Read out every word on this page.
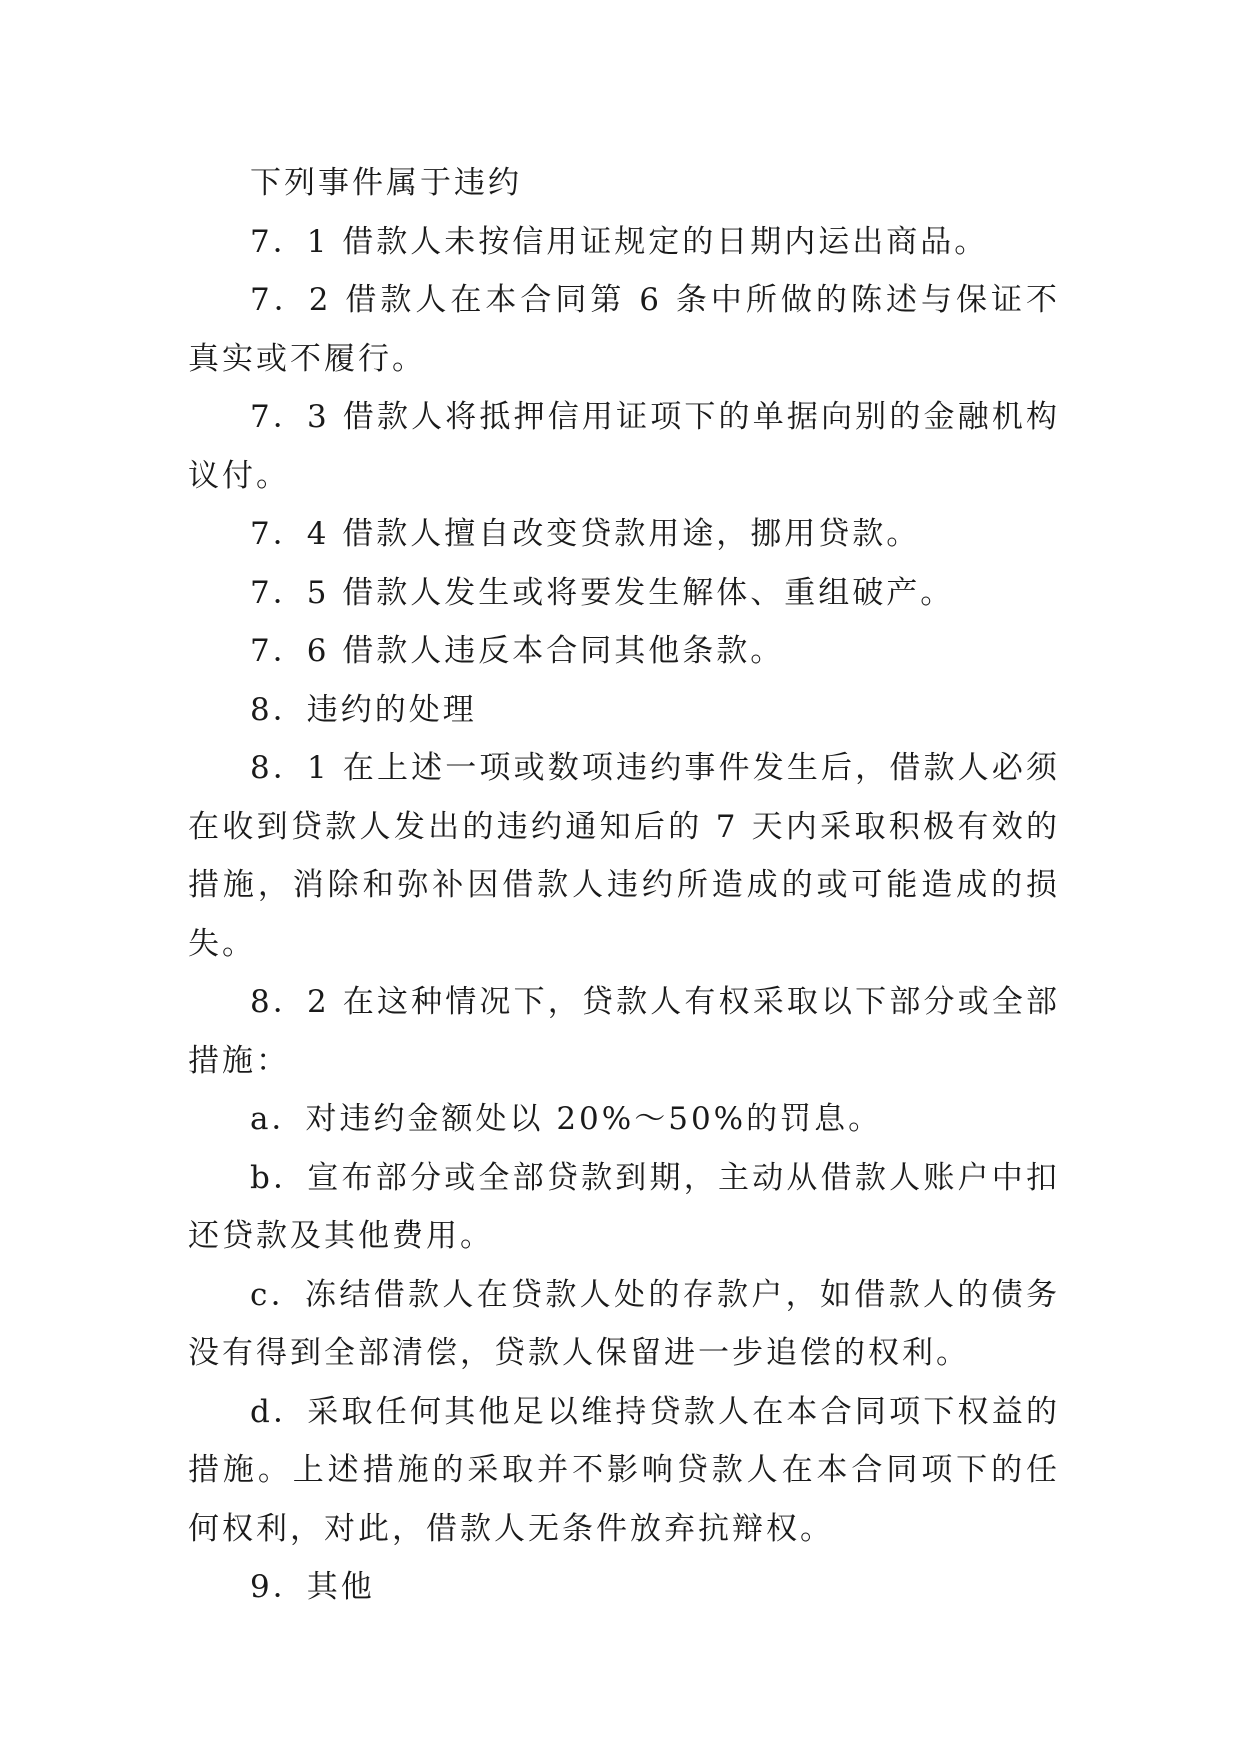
下列事件属于违约

7．1 借款人未按信用证规定的日期内运出商品。

7．2 借款人在本合同第 6 条中所做的陈述与保证不真实或不履行。

7．3 借款人将抵押信用证项下的单据向别的金融机构议付。

7．4 借款人擅自改变贷款用途，挪用贷款。

7．5 借款人发生或将要发生解体、重组破产。

7．6 借款人违反本合同其他条款。

8．违约的处理

8．1 在上述一项或数项违约事件发生后，借款人必须在收到贷款人发出的违约通知后的 7 天内采取积极有效的措施，消除和弥补因借款人违约所造成的或可能造成的损失。

8．2 在这种情况下，贷款人有权采取以下部分或全部措施：

a．对违约金额处以 20%～50%的罚息。

b．宣布部分或全部贷款到期，主动从借款人账户中扣还贷款及其他费用。

c．冻结借款人在贷款人处的存款户，如借款人的债务没有得到全部清偿，贷款人保留进一步追偿的权利。

d．采取任何其他足以维持贷款人在本合同项下权益的措施。上述措施的采取并不影响贷款人在本合同项下的任何权利，对此，借款人无条件放弃抗辩权。

9．其他
